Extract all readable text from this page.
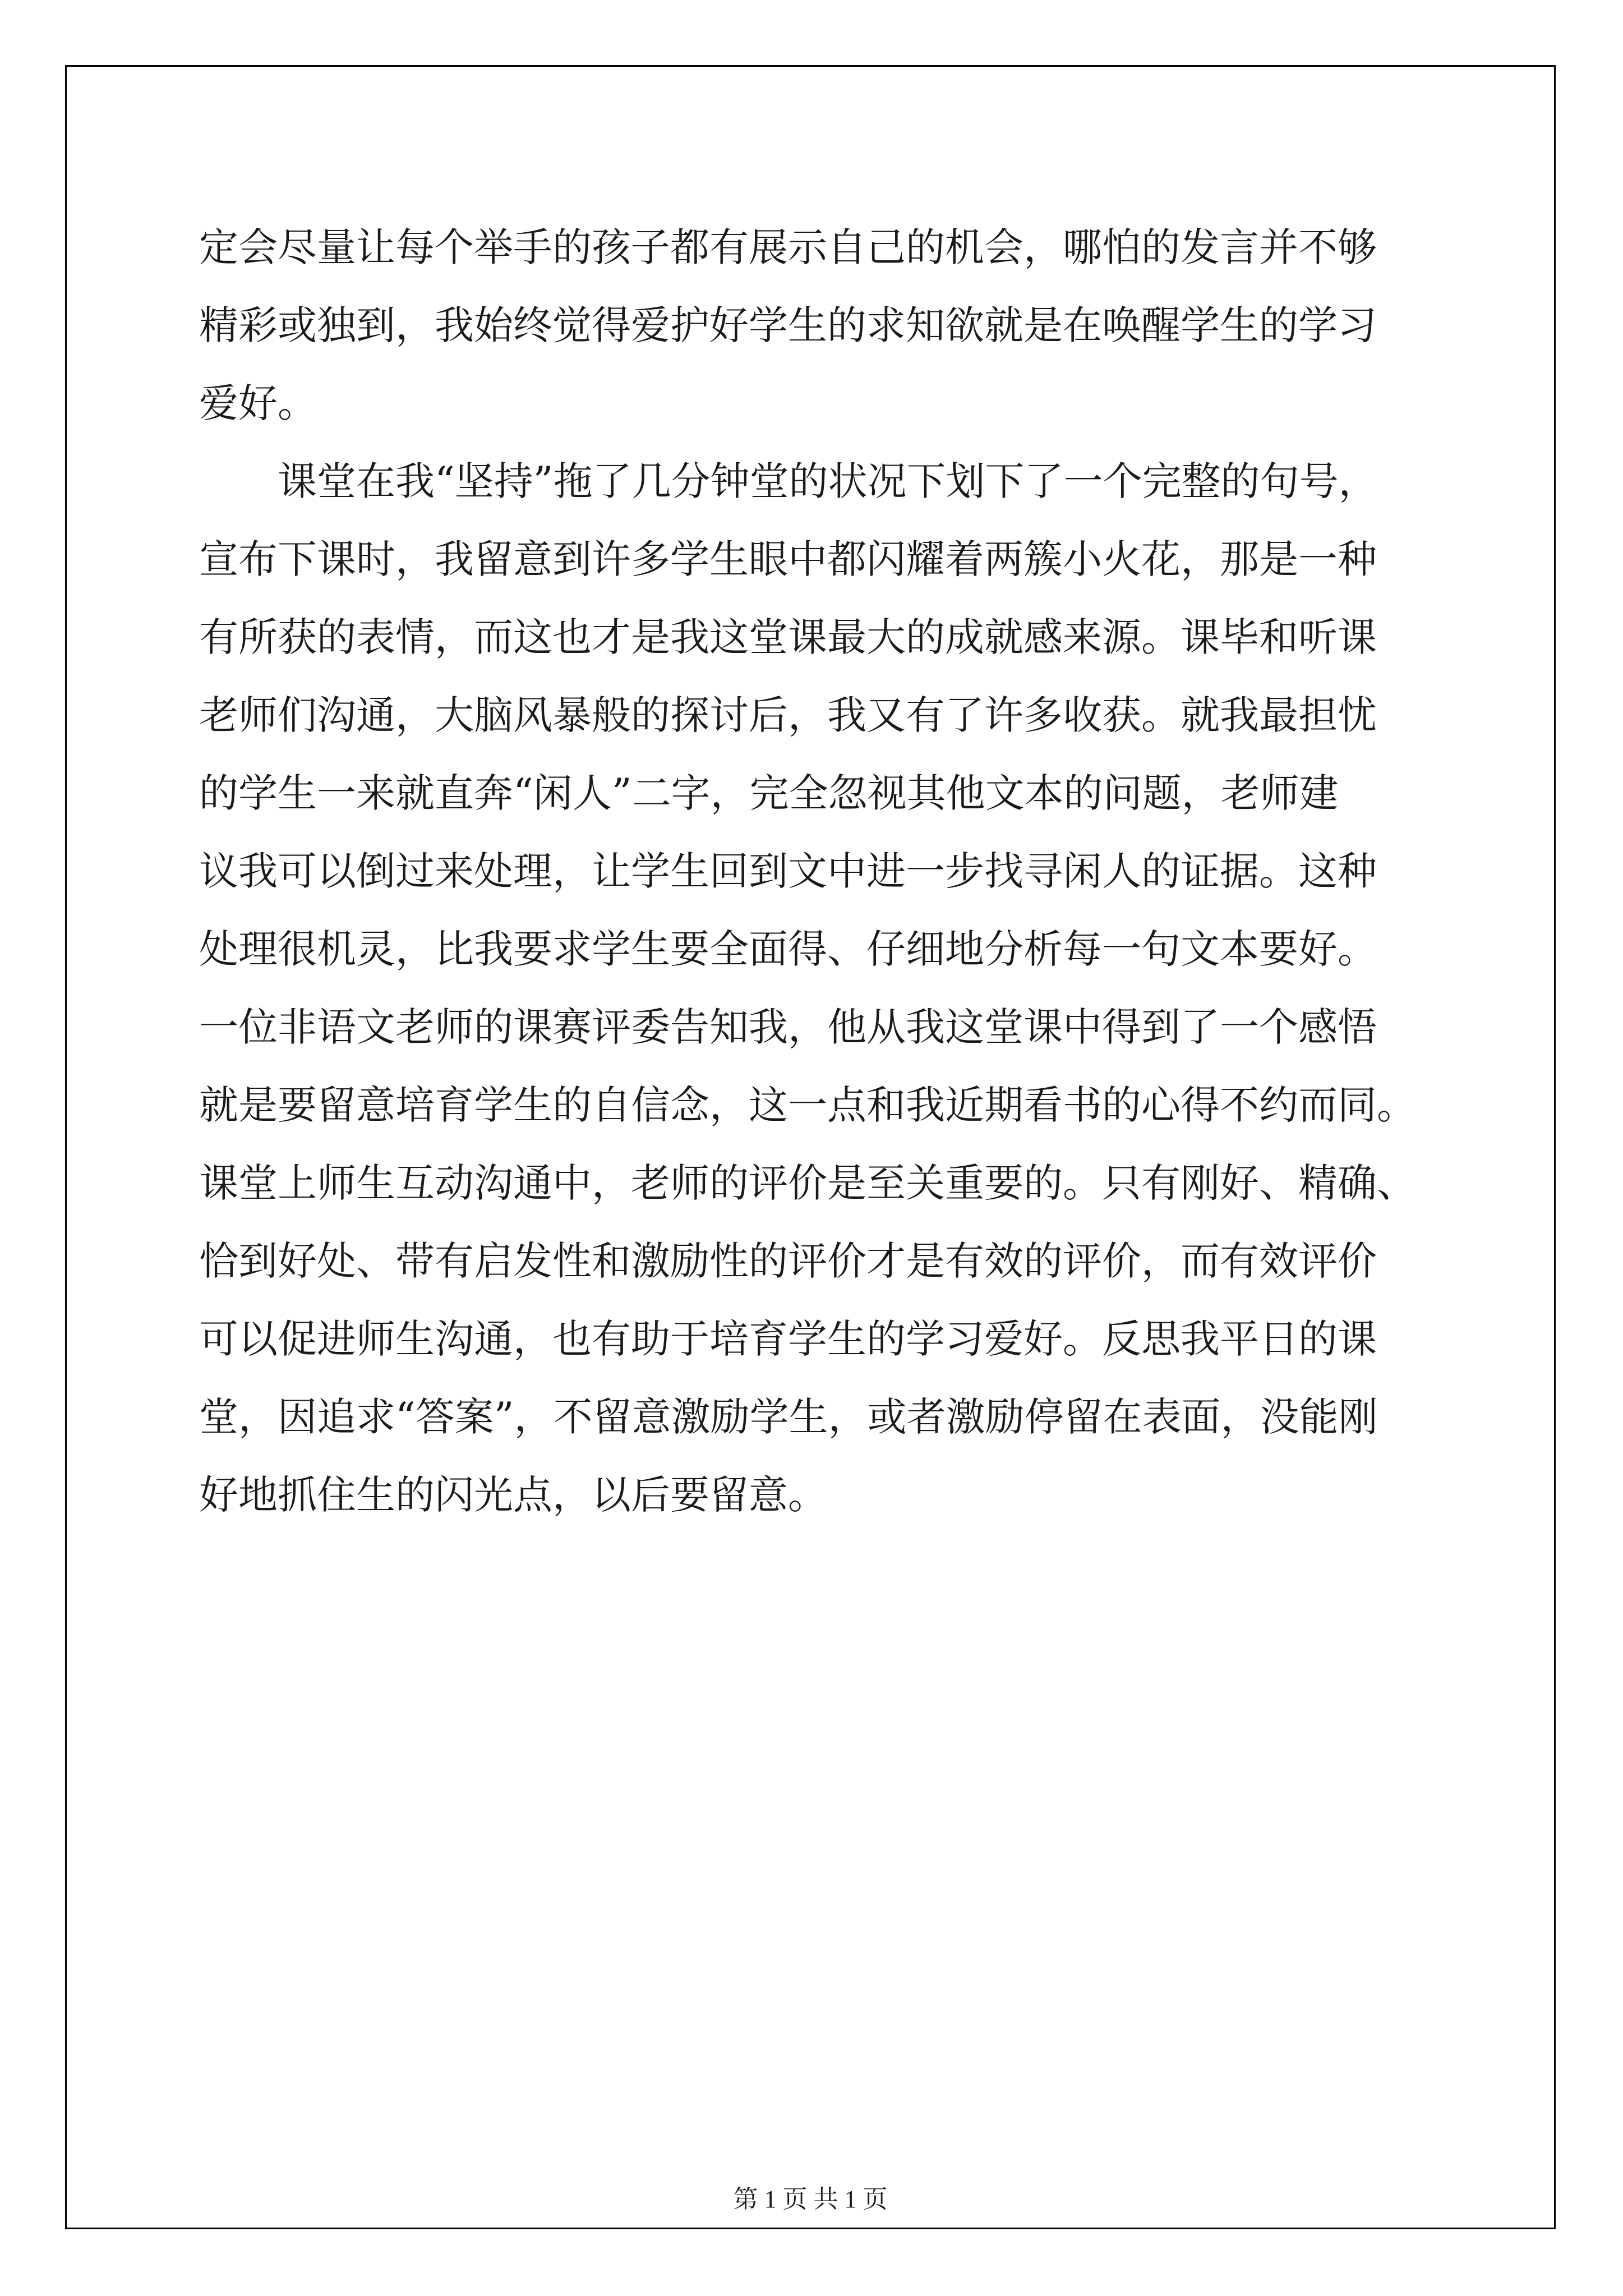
定会尽量让每个举手的孩子都有展示自己的机会，哪怕的发言并不够
精彩或独到，我始终觉得爱护好学生的求知欲就是在唤醒学生的学习
爱好。
课堂在我“坚持”拖了几分钟堂的状况下划下了一个完整的句号，
宣布下课时，我留意到许多学生眼中都闪耀着两簇小火花，那是一种
有所获的表情，而这也才是我这堂课最大的成就感来源。课毕和听课
老师们沟通，大脑风暴般的探讨后，我又有了许多收获。就我最担忧
的学生一来就直奔“闲人”二字，完全忽视其他文本的问题，老师建
议我可以倒过来处理，让学生回到文中进一步找寻闲人的证据。这种
处理很机灵，比我要求学生要全面得、仔细地分析每一句文本要好。
一位非语文老师的课赛评委告知我，他从我这堂课中得到了一个感悟
就是要留意培育学生的自信念，这一点和我近期看书的心得不约而同。
课堂上师生互动沟通中，老师的评价是至关重要的。只有刚好、精确、
恰到好处、带有启发性和激励性的评价才是有效的评价，而有效评价
可以促进师生沟通，也有助于培育学生的学习爱好。反思我平日的课
堂，因追求“答案”，不留意激励学生，或者激励停留在表面，没能刚
好地抓住生的闪光点，以后要留意。
第 1 页 共 1 页
